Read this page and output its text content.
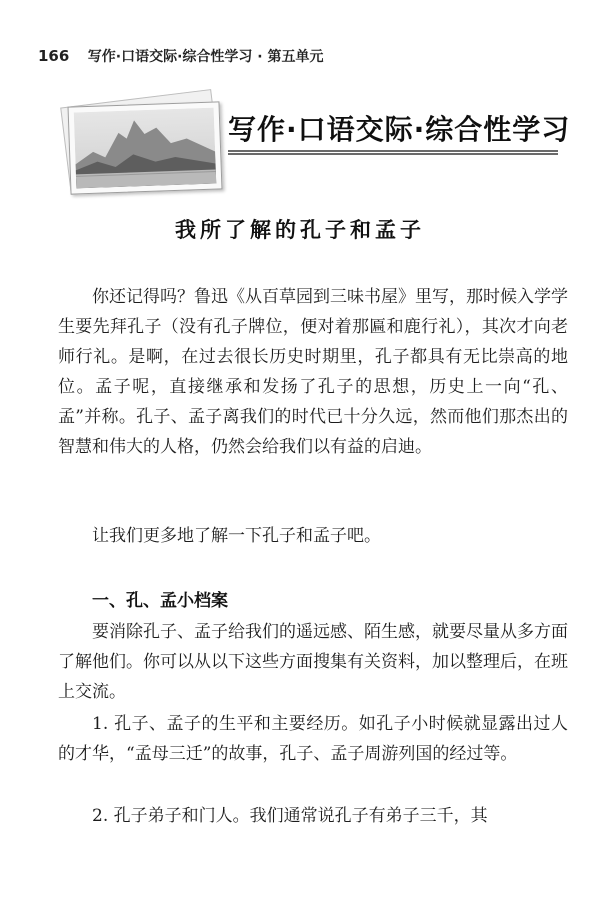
166 写作·口语交际·综合性学习 · 第五单元
写作·口语交际·综合性学习
我所了解的孔子和孟子

你还记得吗？鲁迅《从百草园到三味书屋》里写，那时候入学学生要先拜孔子（没有孔子牌位，便对着那匾和鹿行礼），其次才向老师行礼。是啊，在过去很长历史时期里，孔子都具有无比崇高的地位。孟子呢，直接继承和发扬了孔子的思想，历史上一向“孔、孟”并称。孔子、孟子离我们的时代已十分久远，然而他们那杰出的智慧和伟大的人格，仍然会给我们以有益的启迪。

让我们更多地了解一下孔子和孟子吧。

一、孔、孟小档案

要消除孔子、孟子给我们的遥远感、陌生感，就要尽量从多方面了解他们。你可以从以下这些方面搜集有关资料，加以整理后，在班上交流。

1. 孔子、孟子的生平和主要经历。如孔子小时候就显露出过人的才华，“孟母三迁”的故事，孔子、孟子周游列国的经过等。

2. 孔子弟子和门人。我们通常说孔子有弟子三千，其
